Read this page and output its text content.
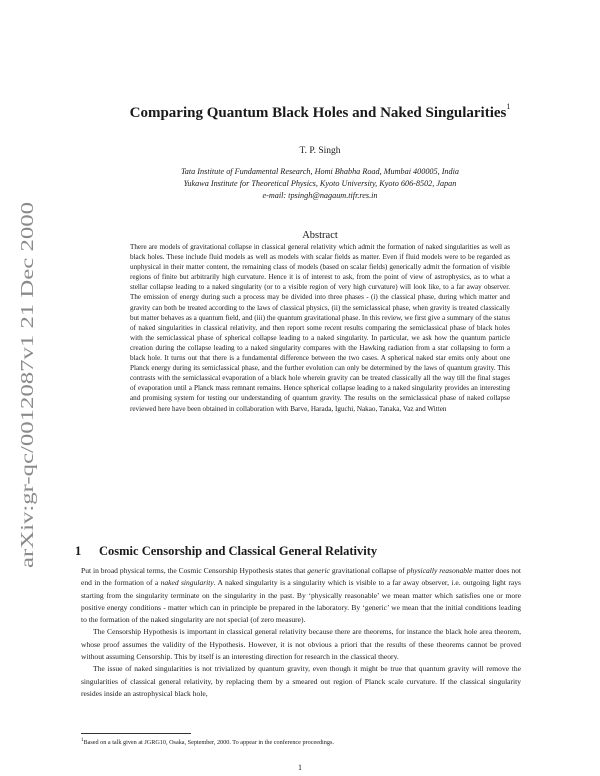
arXiv:gr-qc/0012087v1 21 Dec 2000
Comparing Quantum Black Holes and Naked Singularities$^1$
T. P. Singh
Tata Institute of Fundamental Research, Homi Bhabha Road, Mumbai 400005, India
Yukawa Institute for Theoretical Physics, Kyoto University, Kyoto 606-8502, Japan
e-mail: tpsingh@nagaum.tifr.res.in
Abstract
There are models of gravitational collapse in classical general relativity which admit the formation of naked singularities as well as black holes. These include fluid models as well as models with scalar fields as matter. Even if fluid models were to be regarded as unphysical in their matter content, the remaining class of models (based on scalar fields) generically admit the formation of visible regions of finite but arbitrarily high curvature. Hence it is of interest to ask, from the point of view of astrophysics, as to what a stellar collapse leading to a naked singularity (or to a visible region of very high curvature) will look like, to a far away observer. The emission of energy during such a process may be divided into three phases - (i) the classical phase, during which matter and gravity can both be treated according to the laws of classical physics, (ii) the semiclassical phase, when gravity is treated classically but matter behaves as a quantum field, and (iii) the quantum gravitational phase. In this review, we first give a summary of the status of naked singularities in classical relativity, and then report some recent results comparing the semiclassical phase of black holes with the semiclassical phase of spherical collapse leading to a naked singularity. In particular, we ask how the quantum particle creation during the collapse leading to a naked singularity compares with the Hawking radiation from a star collapsing to form a black hole. It turns out that there is a fundamental difference between the two cases. A spherical naked star emits only about one Planck energy during its semiclassical phase, and the further evolution can only be determined by the laws of quantum gravity. This contrasts with the semiclassical evaporation of a black hole wherein gravity can be treated classically all the way till the final stages of evaporation until a Planck mass remnant remains. Hence spherical collapse leading to a naked singularity provides an interesting and promising system for testing our understanding of quantum gravity. The results on the semiclassical phase of naked collapse reviewed here have been obtained in collaboration with Barve, Harada, Iguchi, Nakao, Tanaka, Vaz and Witten
1 Cosmic Censorship and Classical General Relativity

Put in broad physical terms, the Cosmic Censorship Hypothesis states that generic gravitational collapse of physically reasonable matter does not end in the formation of a naked singularity. A naked singularity is a singularity which is visible to a far away observer, i.e. outgoing light rays starting from the singularity terminate on the singularity in the past. By ‘physically reasonable’ we mean matter which satisfies one or more positive energy conditions - matter which can in principle be prepared in the laboratory. By ‘generic’ we mean that the initial conditions leading to the formation of the naked singularity are not special (of zero measure).

The Censorship Hypothesis is important in classical general relativity because there are theorems, for instance the black hole area theorem, whose proof assumes the validity of the Hypothesis. However, it is not obvious a priori that the results of these theorems cannot be proved without assuming Censorship. This by itself is an interesting direction for research in the classical theory.

The issue of naked singularities is not trivialized by quantum gravity, even though it might be true that quantum gravity will remove the singularities of classical general relativity, by replacing them by a smeared out region of Planck scale curvature. If the classical singularity resides inside an astrophysical black hole,

$^1$Based on a talk given at JGRG10, Osaka, September, 2000. To appear in the conference proceedings.
1
